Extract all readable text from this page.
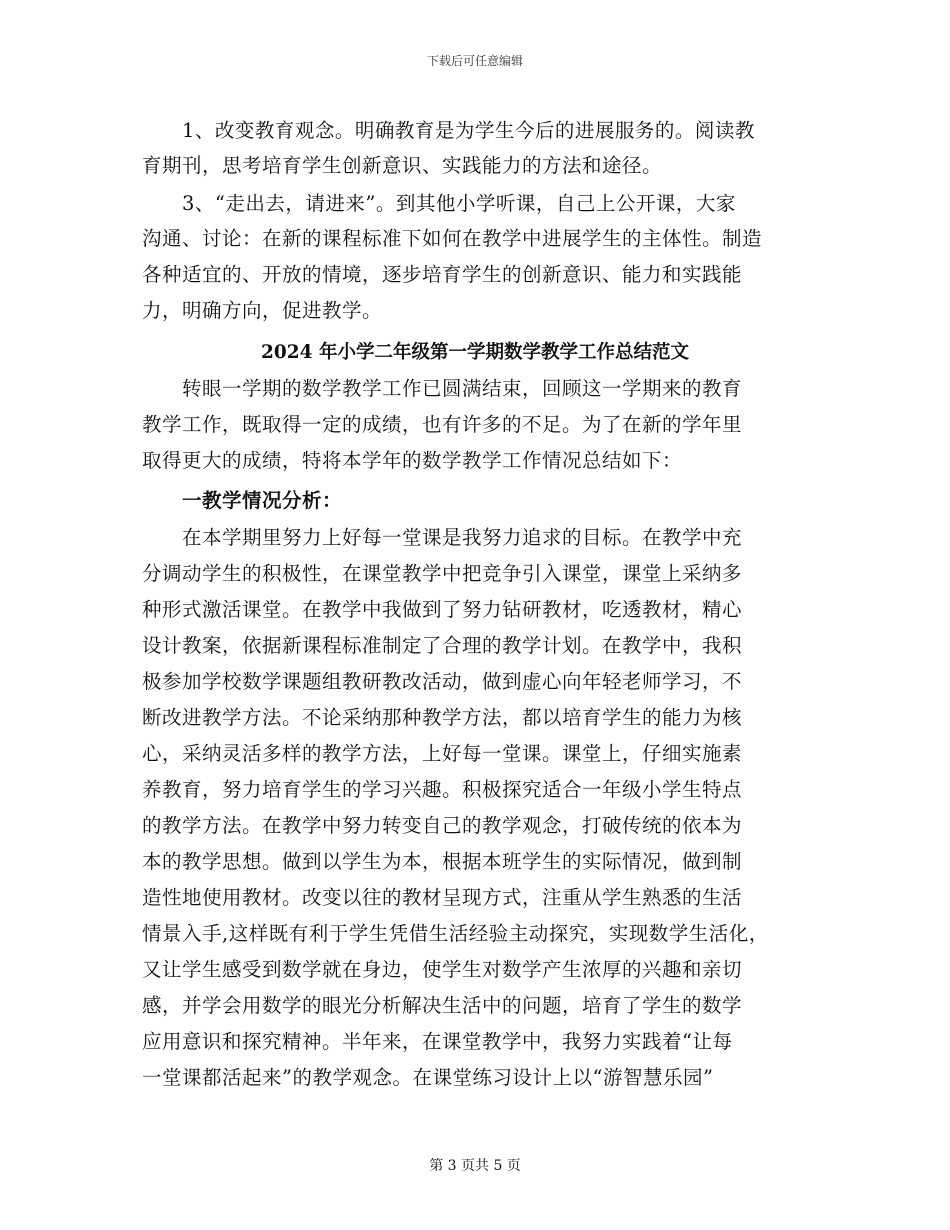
下载后可任意编辑
　　1、改变教育观念。明确教育是为学生今后的进展服务的。阅读教
育期刊，思考培育学生创新意识、实践能力的方法和途径。
　　3、“走出去，请进来”。到其他小学听课，自己上公开课，大家
沟通、讨论：在新的课程标准下如何在教学中进展学生的主体性。制造
各种适宜的、开放的情境，逐步培育学生的创新意识、能力和实践能
力，明确方向，促进教学。
2024 年小学二年级第一学期数学教学工作总结范文
　　转眼一学期的数学教学工作已圆满结束，回顾这一学期来的教育
教学工作，既取得一定的成绩，也有许多的不足。为了在新的学年里
取得更大的成绩，特将本学年的数学教学工作情况总结如下：
　　一教学情况分析：
　　在本学期里努力上好每一堂课是我努力追求的目标。在教学中充
分调动学生的积极性，在课堂教学中把竞争引入课堂，课堂上采纳多
种形式激活课堂。在教学中我做到了努力钻研教材，吃透教材，精心
设计教案，依据新课程标准制定了合理的教学计划。在教学中，我积
极参加学校数学课题组教研教改活动，做到虚心向年轻老师学习，不
断改进教学方法。不论采纳那种教学方法，都以培育学生的能力为核
心，采纳灵活多样的教学方法，上好每一堂课。课堂上，仔细实施素
养教育，努力培育学生的学习兴趣。积极探究适合一年级小学生特点
的教学方法。在教学中努力转变自己的教学观念，打破传统的依本为
本的教学思想。做到以学生为本，根据本班学生的实际情况，做到制
造性地使用教材。改变以往的教材呈现方式，注重从学生熟悉的生活
情景入手,这样既有利于学生凭借生活经验主动探究，实现数学生活化，
又让学生感受到数学就在身边，使学生对数学产生浓厚的兴趣和亲切
感，并学会用数学的眼光分析解决生活中的问题，培育了学生的数学
应用意识和探究精神。半年来，在课堂教学中，我努力实践着“让每
一堂课都活起来”的教学观念。在课堂练习设计上以“游智慧乐园”
第 3 页共 5 页
